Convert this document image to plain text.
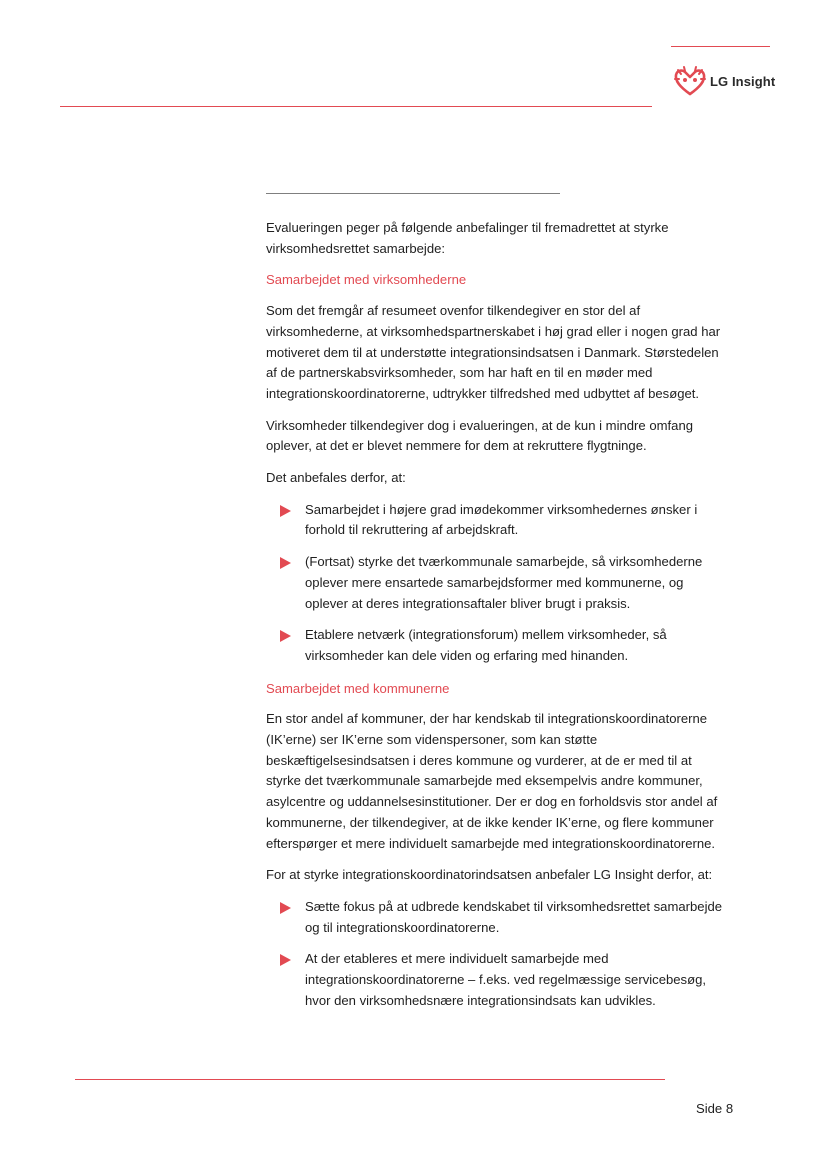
LG Insight

Evalueringen peger på følgende anbefalinger til fremadrettet at styrke virksomhedsrettet samarbejde:

Samarbejdet med virksomhederne

Som det fremgår af resumeet ovenfor tilkendegiver en stor del af virksomhederne, at virksomhedspartnerskabet i høj grad eller i nogen grad har motiveret dem til at understøtte integrationsindsatsen i Danmark. Størstedelen af de partnerskabsvirksomheder, som har haft en til en møder med integrationskoordinatorerne, udtrykker tilfredshed med udbyttet af besøget.

Virksomheder tilkendegiver dog i evalueringen, at de kun i mindre omfang oplever, at det er blevet nemmere for dem at rekruttere flygtninge.

Det anbefales derfor, at:

Samarbejdet i højere grad imødekommer virksomhedernes ønsker i forhold til rekruttering af arbejdskraft.
(Fortsat) styrke det tværkommunale samarbejde, så virksomhederne oplever mere ensartede samarbejdsformer med kommunerne, og oplever at deres integrationsaftaler bliver brugt i praksis.
Etablere netværk (integrationsforum) mellem virksomheder, så virksomheder kan dele viden og erfaring med hinanden.
Samarbejdet med kommunerne

En stor andel af kommuner, der har kendskab til integrationskoordinatorerne (IK’erne) ser IK’erne som videnspersoner, som kan støtte beskæftigelsesindsatsen i deres kommune og vurderer, at de er med til at styrke det tværkommunale samarbejde med eksempelvis andre kommuner, asylcentre og uddannelsesinstitutioner. Der er dog en forholdsvis stor andel af kommunerne, der tilkendegiver, at de ikke kender IK’erne, og flere kommuner efterspørger et mere individuelt samarbejde med integrationskoordinatorerne.

For at styrke integrationskoordinatorindsatsen anbefaler LG Insight derfor, at:

Sætte fokus på at udbrede kendskabet til virksomhedsrettet samarbejde og til integrationskoordinatorerne.
At der etableres et mere individuelt samarbejde med integrationskoordinatorerne – f.eks. ved regelmæssige servicebesøg, hvor den virksomhedsnære integrationsindsats kan udvikles.
Side 8
